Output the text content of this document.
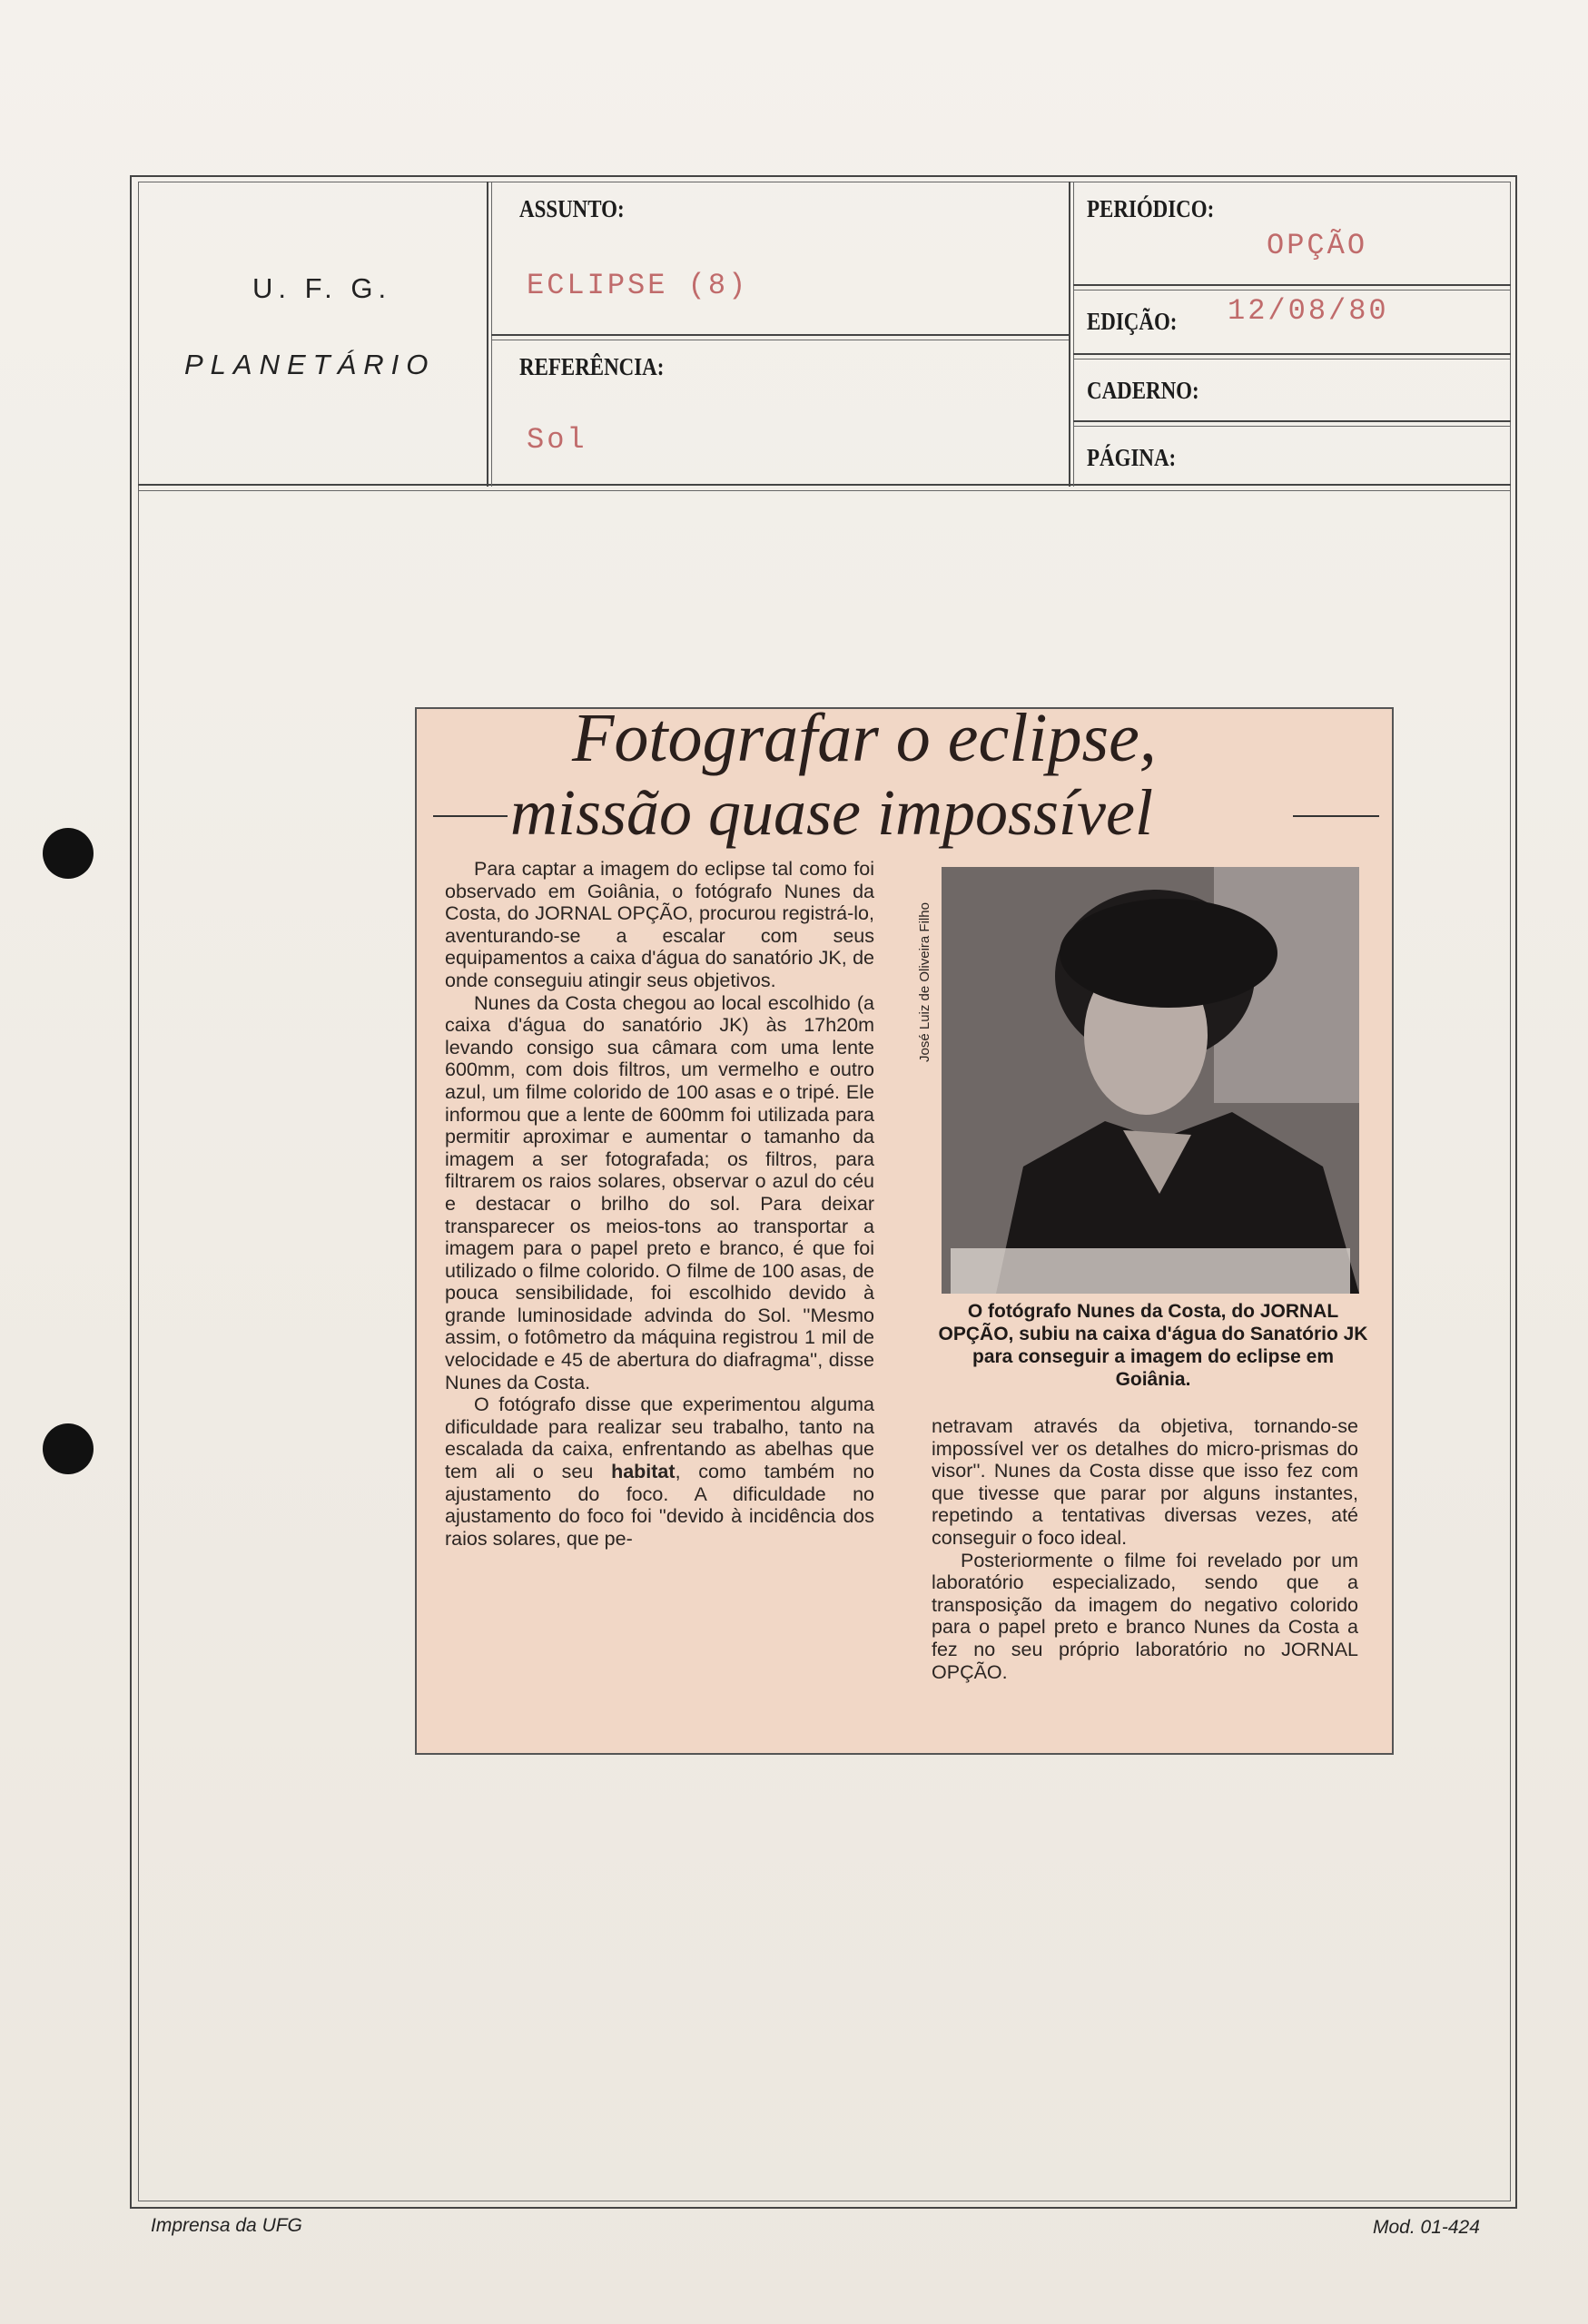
U. F. G.
PLANETÁRIO
ASSUNTO:
ECLIPSE (8)
REFERÊNCIA:
Sol
PERIÓDICO:
OPÇÃO
EDIÇÃO: 12/08/80
CADERNO:
PÁGINA:
Fotografar o eclipse,
missão quase impossível

Para captar a imagem do eclipse tal como foi observado em Goiânia, o fotógrafo Nunes da Costa, do JORNAL OPÇÃO, procurou registrá-lo, aventurando-se a escalar com seus equipamentos a caixa d'água do sanatório JK, de onde conseguiu atingir seus objetivos.

Nunes da Costa chegou ao local escolhido (a caixa d'água do sanatório JK) às 17h20m levando consigo sua câmara com uma lente 600mm, com dois filtros, um vermelho e outro azul, um filme colorido de 100 asas e o tripé. Ele informou que a lente de 600mm foi utilizada para permitir aproximar e aumentar o tamanho da imagem a ser fotografada; os filtros, para filtrarem os raios solares, observar o azul do céu e destacar o brilho do sol. Para deixar transparecer os meios-tons ao transportar a imagem para o papel preto e branco, é que foi utilizado o filme colorido. O filme de 100 asas, de pouca sensibilidade, foi escolhido devido à grande luminosidade advinda do Sol. ''Mesmo assim, o fotômetro da máquina registrou 1 mil de velocidade e 45 de abertura do diafragma'', disse Nunes da Costa.

O fotógrafo disse que experimentou alguma dificuldade para realizar seu trabalho, tanto na escalada da caixa, enfrentando as abelhas que tem ali o seu habitat, como também no ajustamento do foco. A dificuldade no ajustamento do foco foi ''devido à incidência dos raios solares, que pe-

José Luiz de Oliveira Filho
O fotógrafo Nunes da Costa, do JORNAL OPÇÃO, subiu na caixa d'água do Sanatório JK para conseguir a imagem do eclipse em Goiânia.

netravam através da objetiva, tornando-se impossível ver os detalhes do micro-prismas do visor''. Nunes da Costa disse que isso fez com que tivesse que parar por alguns instantes, repetindo a tentativas diversas vezes, até conseguir o foco ideal.

Posteriormente o filme foi revelado por um laboratório especializado, sendo que a transposição da imagem do negativo colorido para o papel preto e branco Nunes da Costa a fez no seu próprio laboratório no JORNAL OPÇÃO.

Imprensa da UFG	Mod. 01-424
